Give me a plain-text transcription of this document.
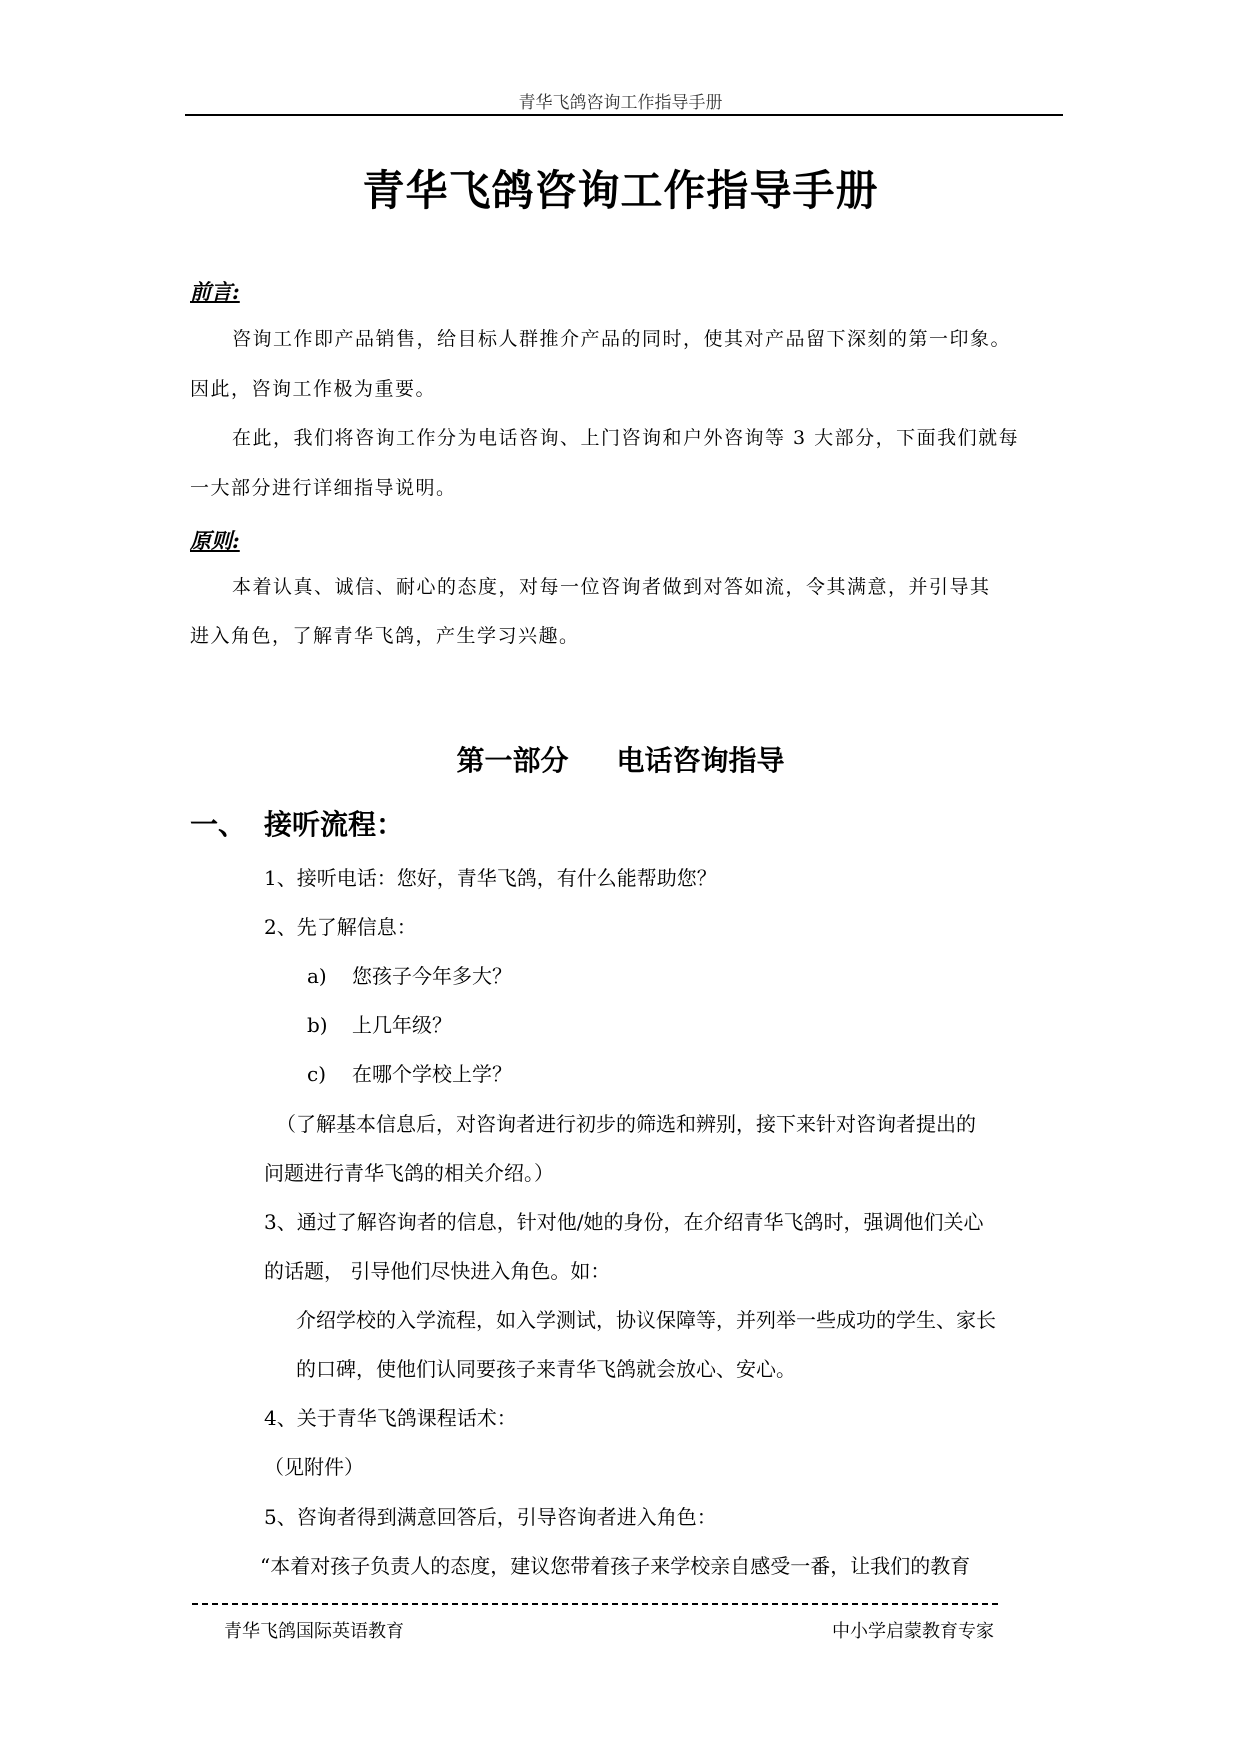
青华飞鸽咨询工作指导手册
青华飞鸽咨询工作指导手册
前言:
咨询工作即产品销售，给目标人群推介产品的同时，使其对产品留下深刻的第一印象。
因此，咨询工作极为重要。
在此，我们将咨询工作分为电话咨询、上门咨询和户外咨询等 3 大部分，下面我们就每
一大部分进行详细指导说明。
原则:
本着认真、诚信、耐心的态度，对每一位咨询者做到对答如流，令其满意，并引导其
进入角色，了解青华飞鸽，产生学习兴趣。
第一部分 电话咨询指导
一、 接听流程：
1、接听电话：您好，青华飞鸽，有什么能帮助您？
2、先了解信息：
a) 您孩子今年多大？
b) 上几年级？
c) 在哪个学校上学？
（了解基本信息后，对咨询者进行初步的筛选和辨别，接下来针对咨询者提出的
问题进行青华飞鸽的相关介绍。）
3、通过了解咨询者的信息，针对他/她的身份，在介绍青华飞鸽时，强调他们关心
的话题， 引导他们尽快进入角色。如：
介绍学校的入学流程，如入学测试，协议保障等，并列举一些成功的学生、家长
的口碑，使他们认同要孩子来青华飞鸽就会放心、安心。
4、关于青华飞鸽课程话术：
（见附件）
5、咨询者得到满意回答后，引导咨询者进入角色：
“本着对孩子负责人的态度，建议您带着孩子来学校亲自感受一番，让我们的教育
青华飞鸽国际英语教育	中小学启蒙教育专家
